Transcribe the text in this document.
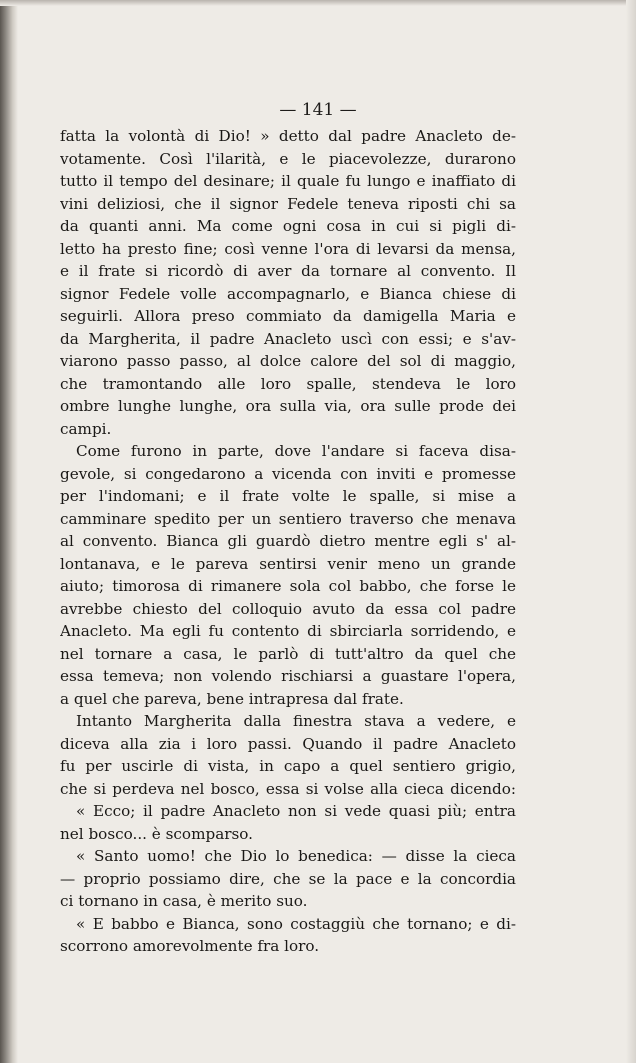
— 141 —
fatta la volontà di Dio! » detto dal padre Anacleto de-
votamente. Così l'ilarità, e le piacevolezze, durarono
tutto il tempo del desinare; il quale fu lungo e inaffiato di
vini deliziosi, che il signor Fedele teneva riposti chi sa
da quanti anni. Ma come ogni cosa in cui si pigli di-
letto ha presto fine; così venne l'ora di levarsi da mensa,
e il frate si ricordò di aver da tornare al convento. Il
signor Fedele volle accompagnarlo, e Bianca chiese di
seguirli. Allora preso commiato da damigella Maria e
da Margherita, il padre Anacleto uscì con essi; e s'av-
viarono passo passo, al dolce calore del sol di maggio,
che tramontando alle loro spalle, stendeva le loro
ombre lunghe lunghe, ora sulla via, ora sulle prode dei
campi.
Come furono in parte, dove l'andare si faceva disa-
gevole, si congedarono a vicenda con inviti e promesse
per l'indomani; e il frate volte le spalle, si mise a
camminare spedito per un sentiero traverso che menava
al convento. Bianca gli guardò dietro mentre egli s' al-
lontanava, e le pareva sentirsi venir meno un grande
aiuto; timorosa di rimanere sola col babbo, che forse le
avrebbe chiesto del colloquio avuto da essa col padre
Anacleto. Ma egli fu contento di sbirciarla sorridendo, e
nel tornare a casa, le parlò di tutt'altro da quel che
essa temeva; non volendo rischiarsi a guastare l'opera,
a quel che pareva, bene intrapresa dal frate.
Intanto Margherita dalla finestra stava a vedere, e
diceva alla zia i loro passi. Quando il padre Anacleto
fu per uscirle di vista, in capo a quel sentiero grigio,
che si perdeva nel bosco, essa si volse alla cieca dicendo:
« Ecco; il padre Anacleto non si vede quasi più; entra
nel bosco... è scomparso.
« Santo uomo! che Dio lo benedica: — disse la cieca
— proprio possiamo dire, che se la pace e la concordia
ci tornano in casa, è merito suo.
« E babbo e Bianca, sono costaggiù che tornano; e di-
scorrono amorevolmente fra loro.
